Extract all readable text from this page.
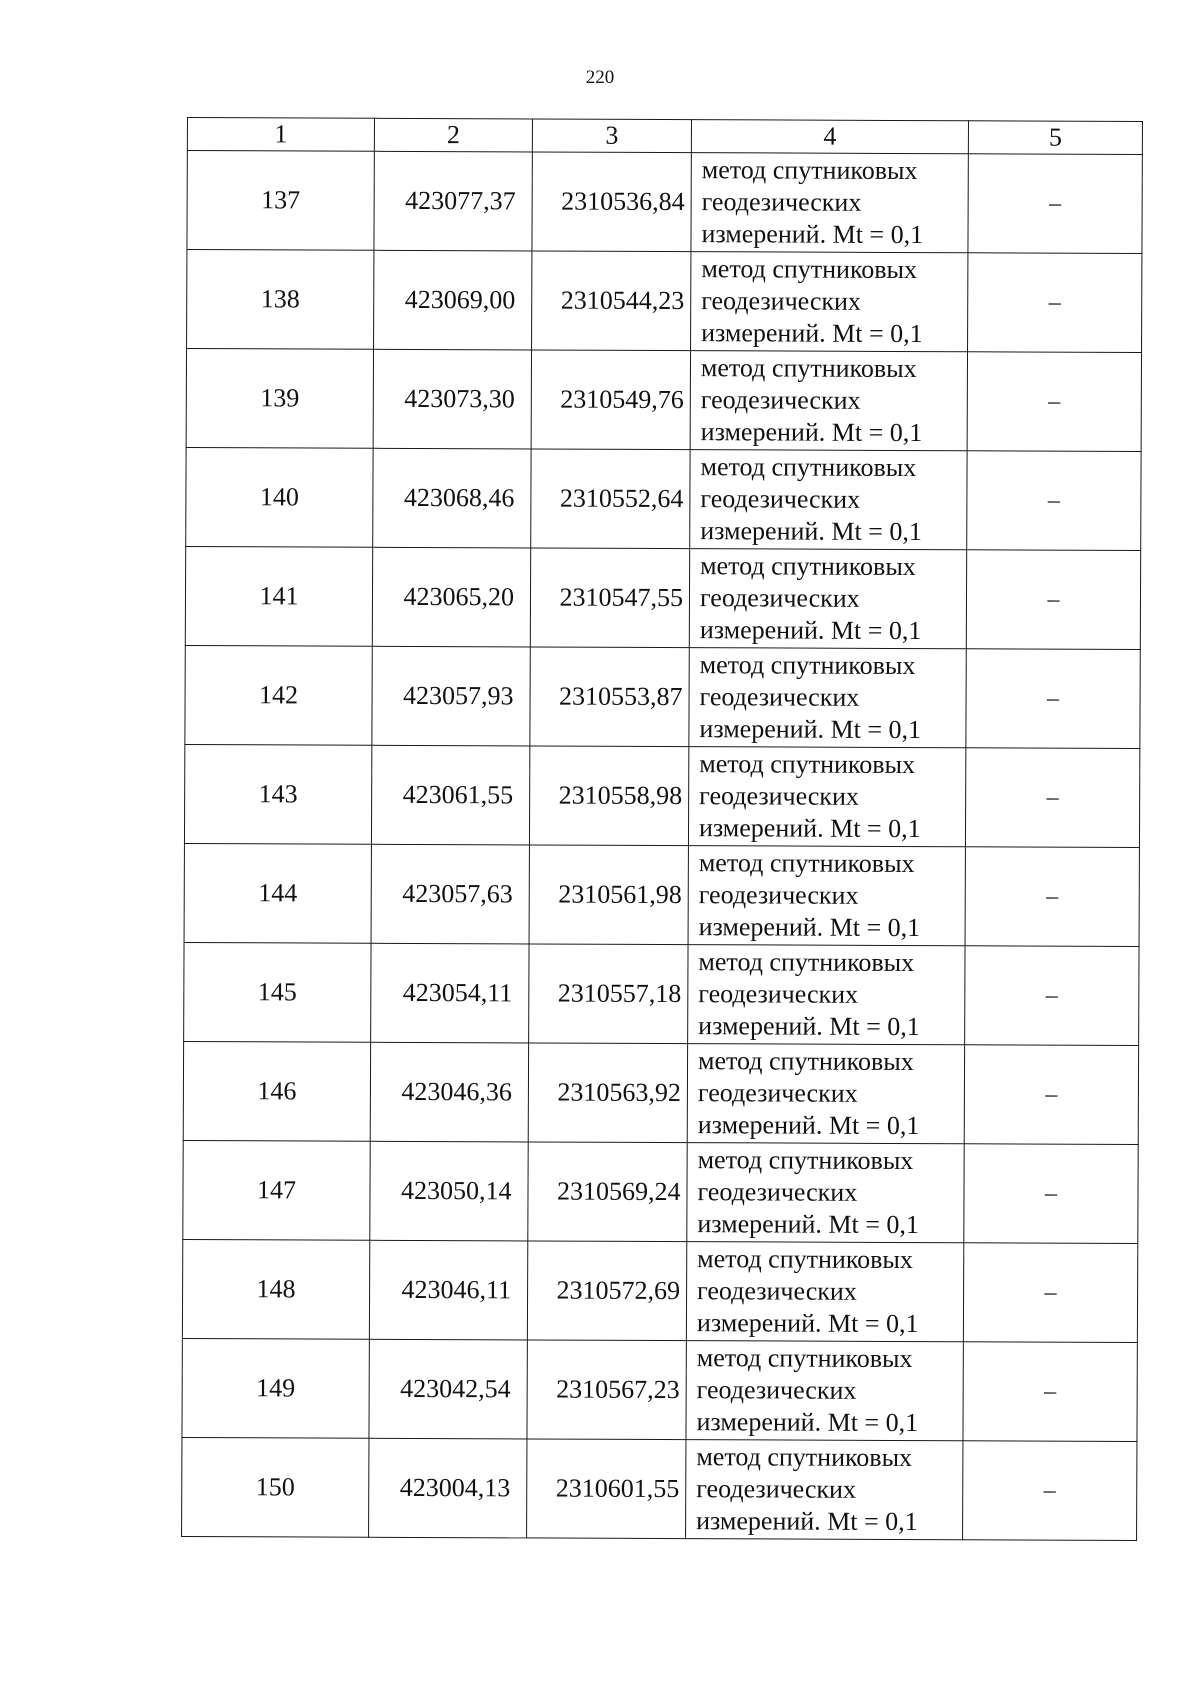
220
1	2	3	4	5
137	423077,37	2310536,84	метод спутниковых
геодезических
измерений. Mt = 0,1	–
138	423069,00	2310544,23	метод спутниковых
геодезических
измерений. Mt = 0,1	–
139	423073,30	2310549,76	метод спутниковых
геодезических
измерений. Mt = 0,1	–
140	423068,46	2310552,64	метод спутниковых
геодезических
измерений. Mt = 0,1	–
141	423065,20	2310547,55	метод спутниковых
геодезических
измерений. Mt = 0,1	–
142	423057,93	2310553,87	метод спутниковых
геодезических
измерений. Mt = 0,1	–
143	423061,55	2310558,98	метод спутниковых
геодезических
измерений. Mt = 0,1	–
144	423057,63	2310561,98	метод спутниковых
геодезических
измерений. Mt = 0,1	–
145	423054,11	2310557,18	метод спутниковых
геодезических
измерений. Mt = 0,1	–
146	423046,36	2310563,92	метод спутниковых
геодезических
измерений. Mt = 0,1	–
147	423050,14	2310569,24	метод спутниковых
геодезических
измерений. Mt = 0,1	–
148	423046,11	2310572,69	метод спутниковых
геодезических
измерений. Mt = 0,1	–
149	423042,54	2310567,23	метод спутниковых
геодезических
измерений. Mt = 0,1	–
150	423004,13	2310601,55	метод спутниковых
геодезических
измерений. Mt = 0,1	–
